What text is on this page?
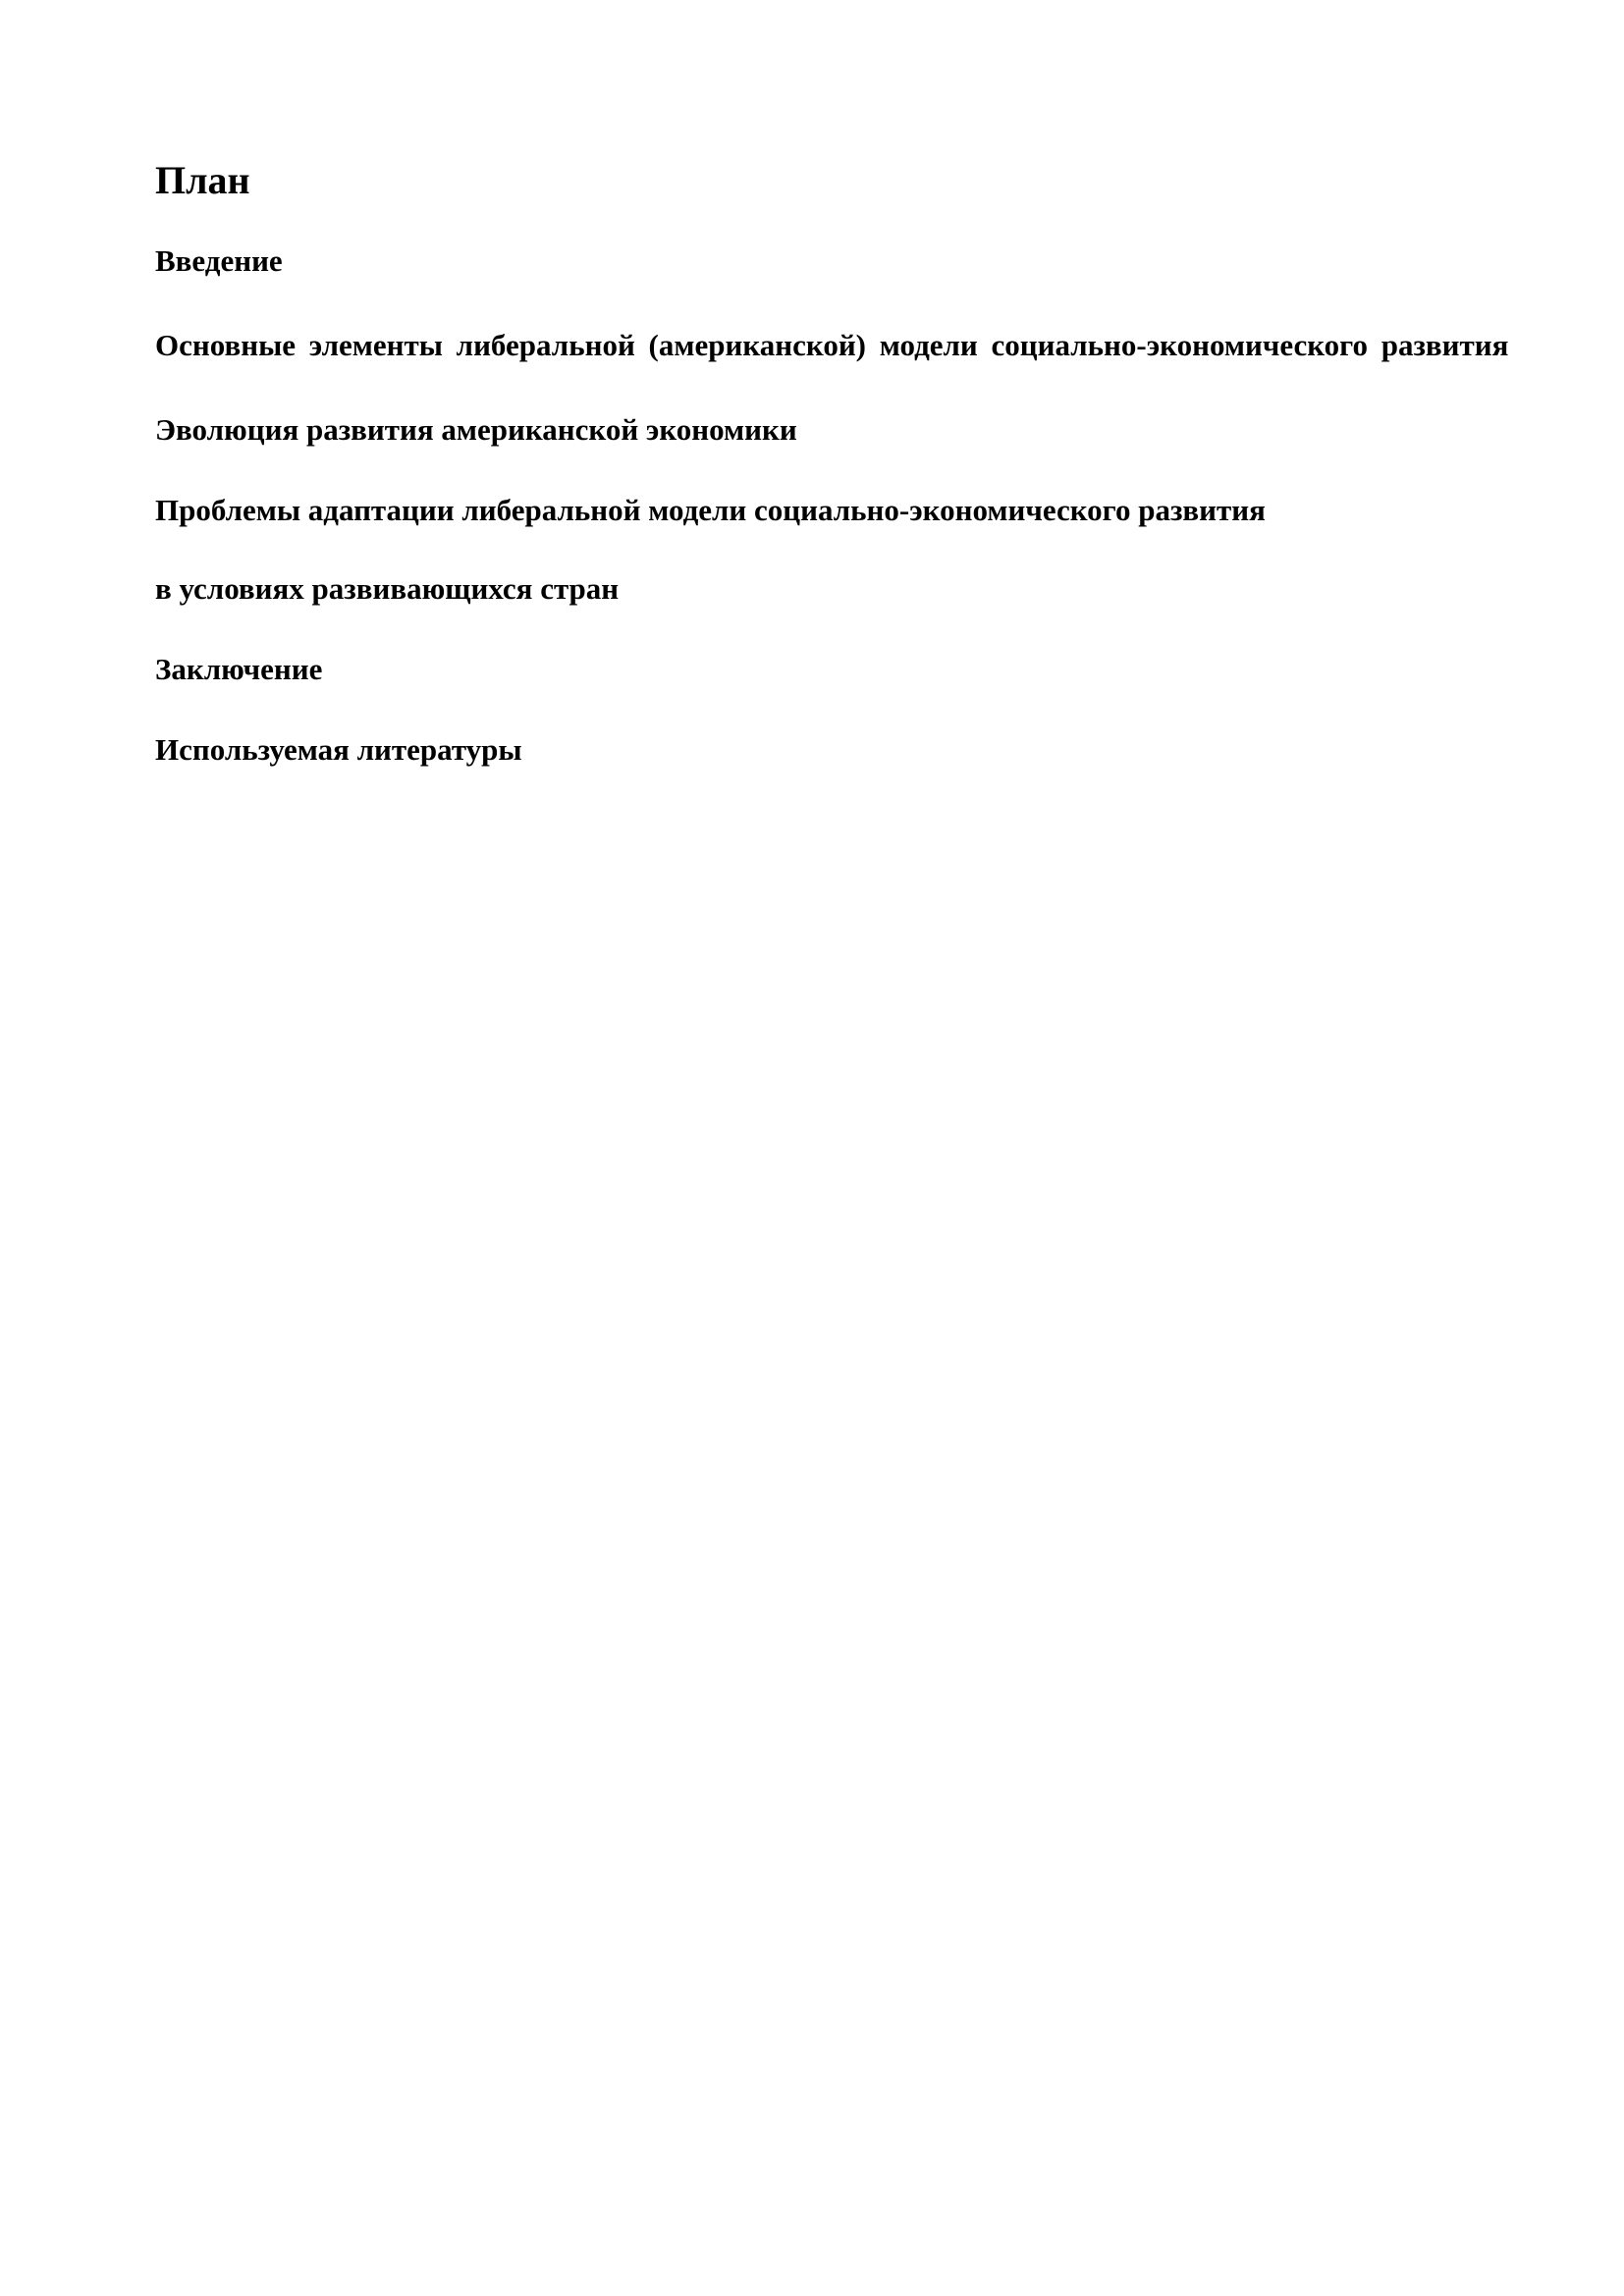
План
Введение
Основные элементы либеральной (американской) модели социально-экономического развития
Эволюция развития американской экономики
Проблемы адаптации либеральной модели социально-экономического развития
в условиях развивающихся стран
Заключение
Используемая литературы
